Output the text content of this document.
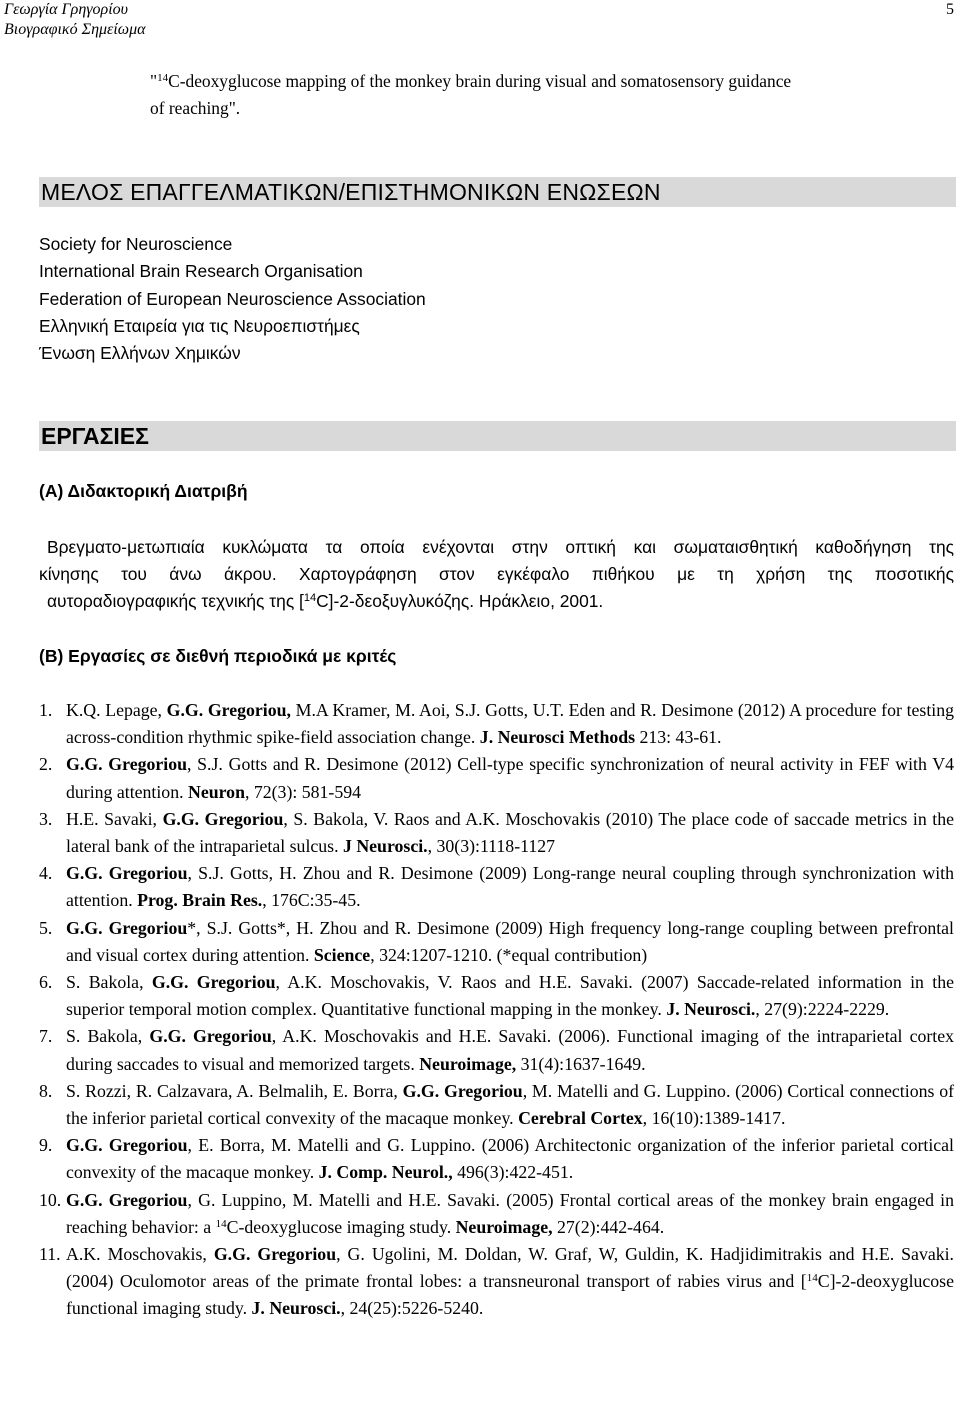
Γεωργία Γρηγορίου
Βιογραφικό Σημείωμα
5
"$^{14}$C-deoxyglucose mapping of the monkey brain during visual and somatosensory guidance
of reaching".
ΜΕΛΟΣ ΕΠΑΓΓΕΛΜΑΤΙΚΩΝ/ΕΠΙΣΤΗΜΟΝΙΚΩΝ ΕΝΩΣΕΩΝ
Society for Neuroscience
International Brain Research Organisation
Federation of European Neuroscience Association
Ελληνική Εταιρεία για τις Νευροεπιστήμες
Ένωση Ελλήνων Χημικών
ΕΡΓΑΣΙΕΣ
(Α) Διδακτορική Διατριβή
Βρεγματο-μετωπιαία κυκλώματα τα οποία ενέχονται στην οπτική και σωματαισθητική καθοδήγηση της
κίνησης του άνω άκρου. Χαρτογράφηση στον εγκέφαλο πιθήκου με τη χρήση της ποσοτικής
αυτοραδιογραφικής τεχνικής της [$^{14}$C]-2-δεοξυγλυκόζης. Ηράκλειο, 2001.
(Β) Εργασίες σε διεθνή περιοδικά με κριτές
1. K.Q. Lepage, G.G. Gregoriou, M.A Kramer, M. Aoi, S.J. Gotts, U.T. Eden and R. Desimone (2012) A procedure for testing across-condition rhythmic spike-field association change. J. Neurosci Methods 213: 43-61.
2. G.G. Gregoriou, S.J. Gotts and R. Desimone (2012) Cell-type specific synchronization of neural activity in FEF with V4 during attention. Neuron, 72(3): 581-594
3. H.E. Savaki, G.G. Gregoriou, S. Bakola, V. Raos and A.K. Moschovakis (2010) The place code of saccade metrics in the lateral bank of the intraparietal sulcus. J Neurosci., 30(3):1118-1127
4. G.G. Gregoriou, S.J. Gotts, H. Zhou and R. Desimone (2009) Long-range neural coupling through synchronization with attention. Prog. Brain Res., 176C:35-45.
5. G.G. Gregoriou*, S.J. Gotts*, H. Zhou and R. Desimone (2009) High frequency long-range coupling between prefrontal and visual cortex during attention. Science, 324:1207-1210. (*equal contribution)
6. S. Bakola, G.G. Gregoriou, A.K. Moschovakis, V. Raos and H.E. Savaki. (2007) Saccade-related information in the superior temporal motion complex. Quantitative functional mapping in the monkey. J. Neurosci., 27(9):2224-2229.
7. S. Bakola, G.G. Gregoriou, A.K. Moschovakis and H.E. Savaki. (2006). Functional imaging of the intraparietal cortex during saccades to visual and memorized targets. Neuroimage, 31(4):1637-1649.
8. S. Rozzi, R. Calzavara, A. Belmalih, E. Borra, G.G. Gregoriou, M. Matelli and G. Luppino. (2006) Cortical connections of the inferior parietal cortical convexity of the macaque monkey. Cerebral Cortex, 16(10):1389-1417.
9. G.G. Gregoriou, E. Borra, M. Matelli and G. Luppino. (2006) Architectonic organization of the inferior parietal cortical convexity of the macaque monkey. J. Comp. Neurol., 496(3):422-451.
10. G.G. Gregoriou, G. Luppino, M. Matelli and H.E. Savaki. (2005) Frontal cortical areas of the monkey brain engaged in reaching behavior: a $^{14}$C-deoxyglucose imaging study. Neuroimage, 27(2):442-464.
11. A.K. Moschovakis, G.G. Gregoriou, G. Ugolini, M. Doldan, W. Graf, W, Guldin, K. Hadjidimitrakis and H.E. Savaki. (2004) Oculomotor areas of the primate frontal lobes: a transneuronal transport of rabies virus and [$^{14}$C]-2-deoxyglucose functional imaging study. J. Neurosci., 24(25):5226-5240.
